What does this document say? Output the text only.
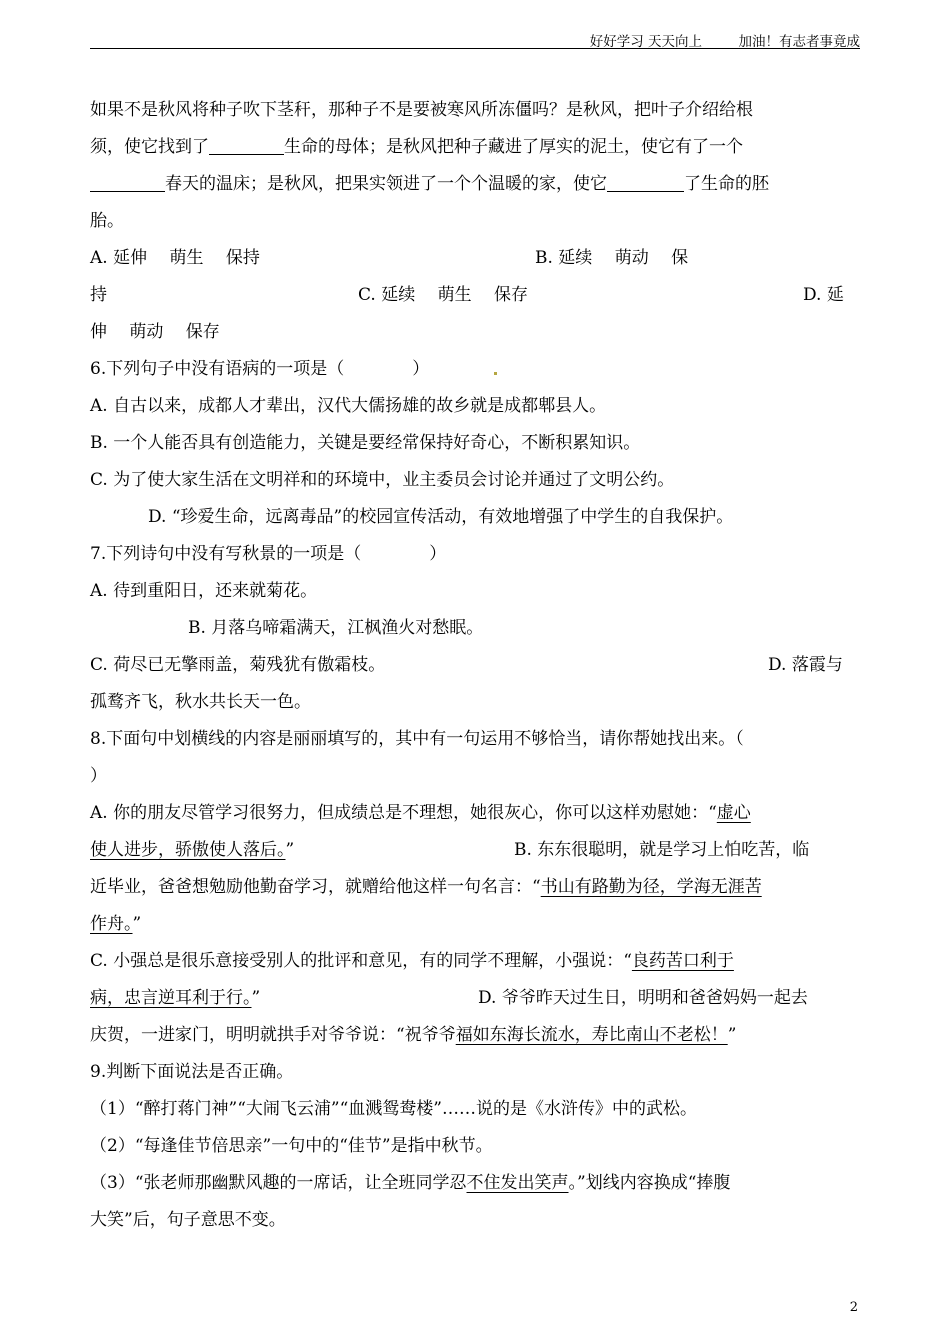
好好学习 天天向上	加油！有志者事竟成
如果不是秋风将种子吹下茎秆，那种子不是要被寒风所冻僵吗？是秋风，把叶子介绍给根
须，使它找到了	生命的母体；是秋风把种子藏进了厚实的泥土，使它有了一个
春天的温床；是秋风，把果实领进了一个个温暖的家，使它	了生命的胚
胎。
A. 延伸　 萌生　 保持	B. 延续　 萌动　 保
持	C. 延续　 萌生　 保存	D. 延
伸　 萌动　 保存
6.下列句子中没有语病的一项是（　　　　）
A. 自古以来，成都人才辈出，汉代大儒扬雄的故乡就是成都郫县人。
B. 一个人能否具有创造能力，关键是要经常保持好奇心，不断积累知识。
C. 为了使大家生活在文明祥和的环境中，业主委员会讨论并通过了文明公约。
D. “珍爱生命，远离毒品”的校园宣传活动，有效地增强了中学生的自我保护。
7.下列诗句中没有写秋景的一项是（　　　　）
A. 待到重阳日，还来就菊花。
B. 月落乌啼霜满天，江枫渔火对愁眠。
C. 荷尽已无擎雨盖，菊残犹有傲霜枝。	D. 落霞与
孤鹜齐飞，秋水共长天一色。
8.下面句中划横线的内容是丽丽填写的，其中有一句运用不够恰当，请你帮她找出来。（
）
A. 你的朋友尽管学习很努力，但成绩总是不理想，她很灰心，你可以这样劝慰她：“虚心
使人进步，骄傲使人落后。”	B. 东东很聪明，就是学习上怕吃苦，临
近毕业，爸爸想勉励他勤奋学习，就赠给他这样一句名言：“书山有路勤为径，学海无涯苦
作舟。”
C. 小强总是很乐意接受别人的批评和意见，有的同学不理解，小强说：“良药苦口利于
病，忠言逆耳利于行。”	D. 爷爷昨天过生日，明明和爸爸妈妈一起去
庆贺，一进家门，明明就拱手对爷爷说：“祝爷爷福如东海长流水，寿比南山不老松！”
9.判断下面说法是否正确。
（1）“醉打蒋门神”“大闹飞云浦”“血溅鸳鸯楼”……说的是《水浒传》中的武松。
（2）“每逢佳节倍思亲”一句中的“佳节”是指中秋节。
（3）“张老师那幽默风趣的一席话，让全班同学忍不住发出笑声。”划线内容换成“捧腹
大笑”后，句子意思不变。
2
